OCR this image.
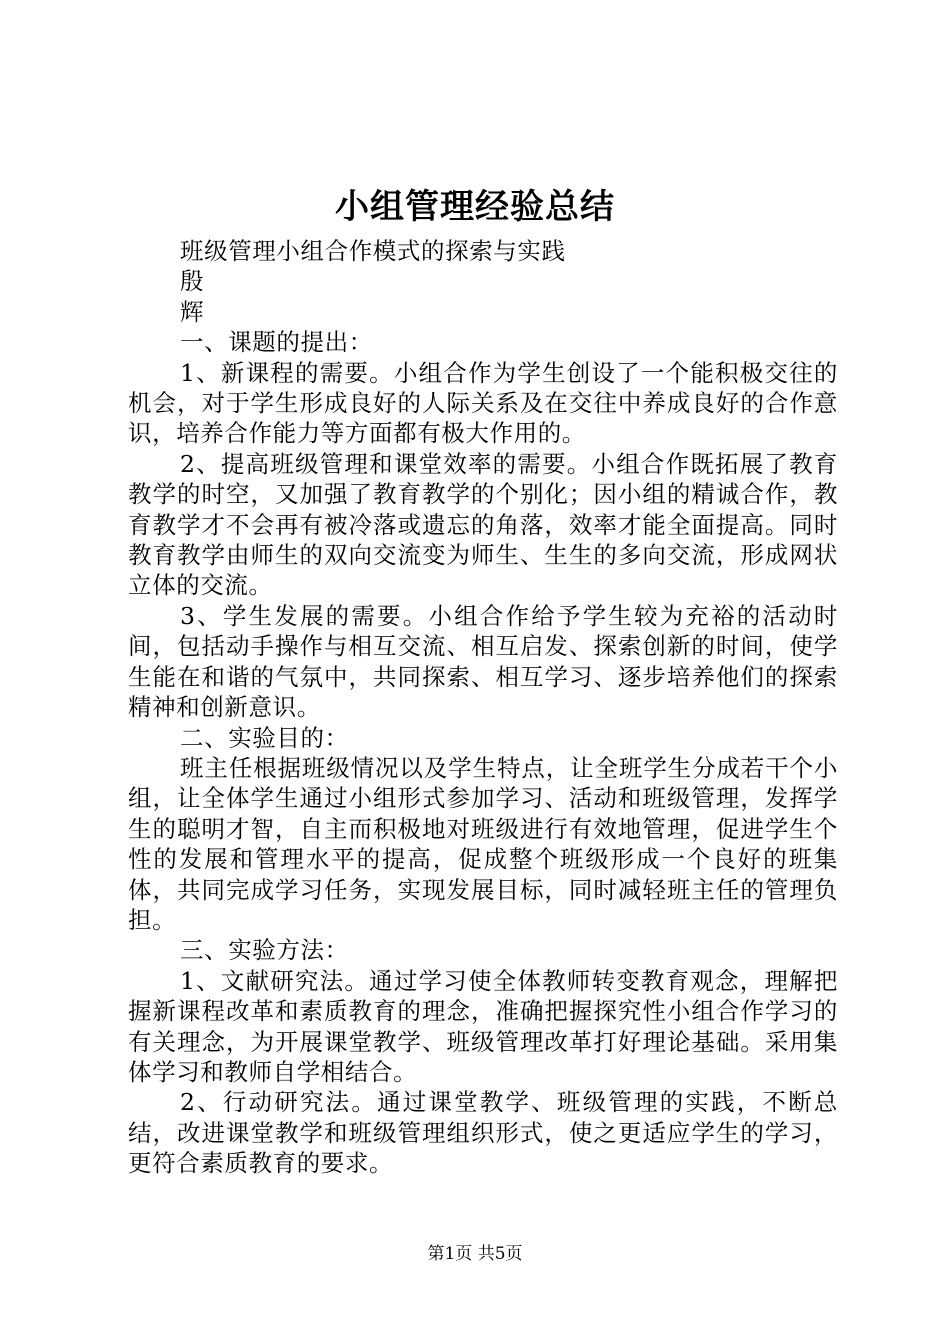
小组管理经验总结

班级管理小组合作模式的探索与实践

殷

辉

一、课题的提出：

1、新课程的需要。小组合作为学生创设了一个能积极交往的机会，对于学生形成良好的人际关系及在交往中养成良好的合作意识，培养合作能力等方面都有极大作用的。

2、提高班级管理和课堂效率的需要。小组合作既拓展了教育教学的时空，又加强了教育教学的个别化；因小组的精诚合作，教育教学才不会再有被冷落或遗忘的角落，效率才能全面提高。同时教育教学由师生的双向交流变为师生、生生的多向交流，形成网状立体的交流。

3、学生发展的需要。小组合作给予学生较为充裕的活动时间，包括动手操作与相互交流、相互启发、探索创新的时间，使学生能在和谐的气氛中，共同探索、相互学习、逐步培养他们的探索精神和创新意识。

二、实验目的：

班主任根据班级情况以及学生特点，让全班学生分成若干个小组，让全体学生通过小组形式参加学习、活动和班级管理，发挥学生的聪明才智，自主而积极地对班级进行有效地管理，促进学生个性的发展和管理水平的提高，促成整个班级形成一个良好的班集体，共同完成学习任务，实现发展目标，同时减轻班主任的管理负担。

三、实验方法：

1、文献研究法。通过学习使全体教师转变教育观念，理解把握新课程改革和素质教育的理念，准确把握探究性小组合作学习的有关理念，为开展课堂教学、班级管理改革打好理论基础。采用集体学习和教师自学相结合。

2、行动研究法。通过课堂教学、班级管理的实践，不断总结，改进课堂教学和班级管理组织形式，使之更适应学生的学习，更符合素质教育的要求。

第1页 共5页
